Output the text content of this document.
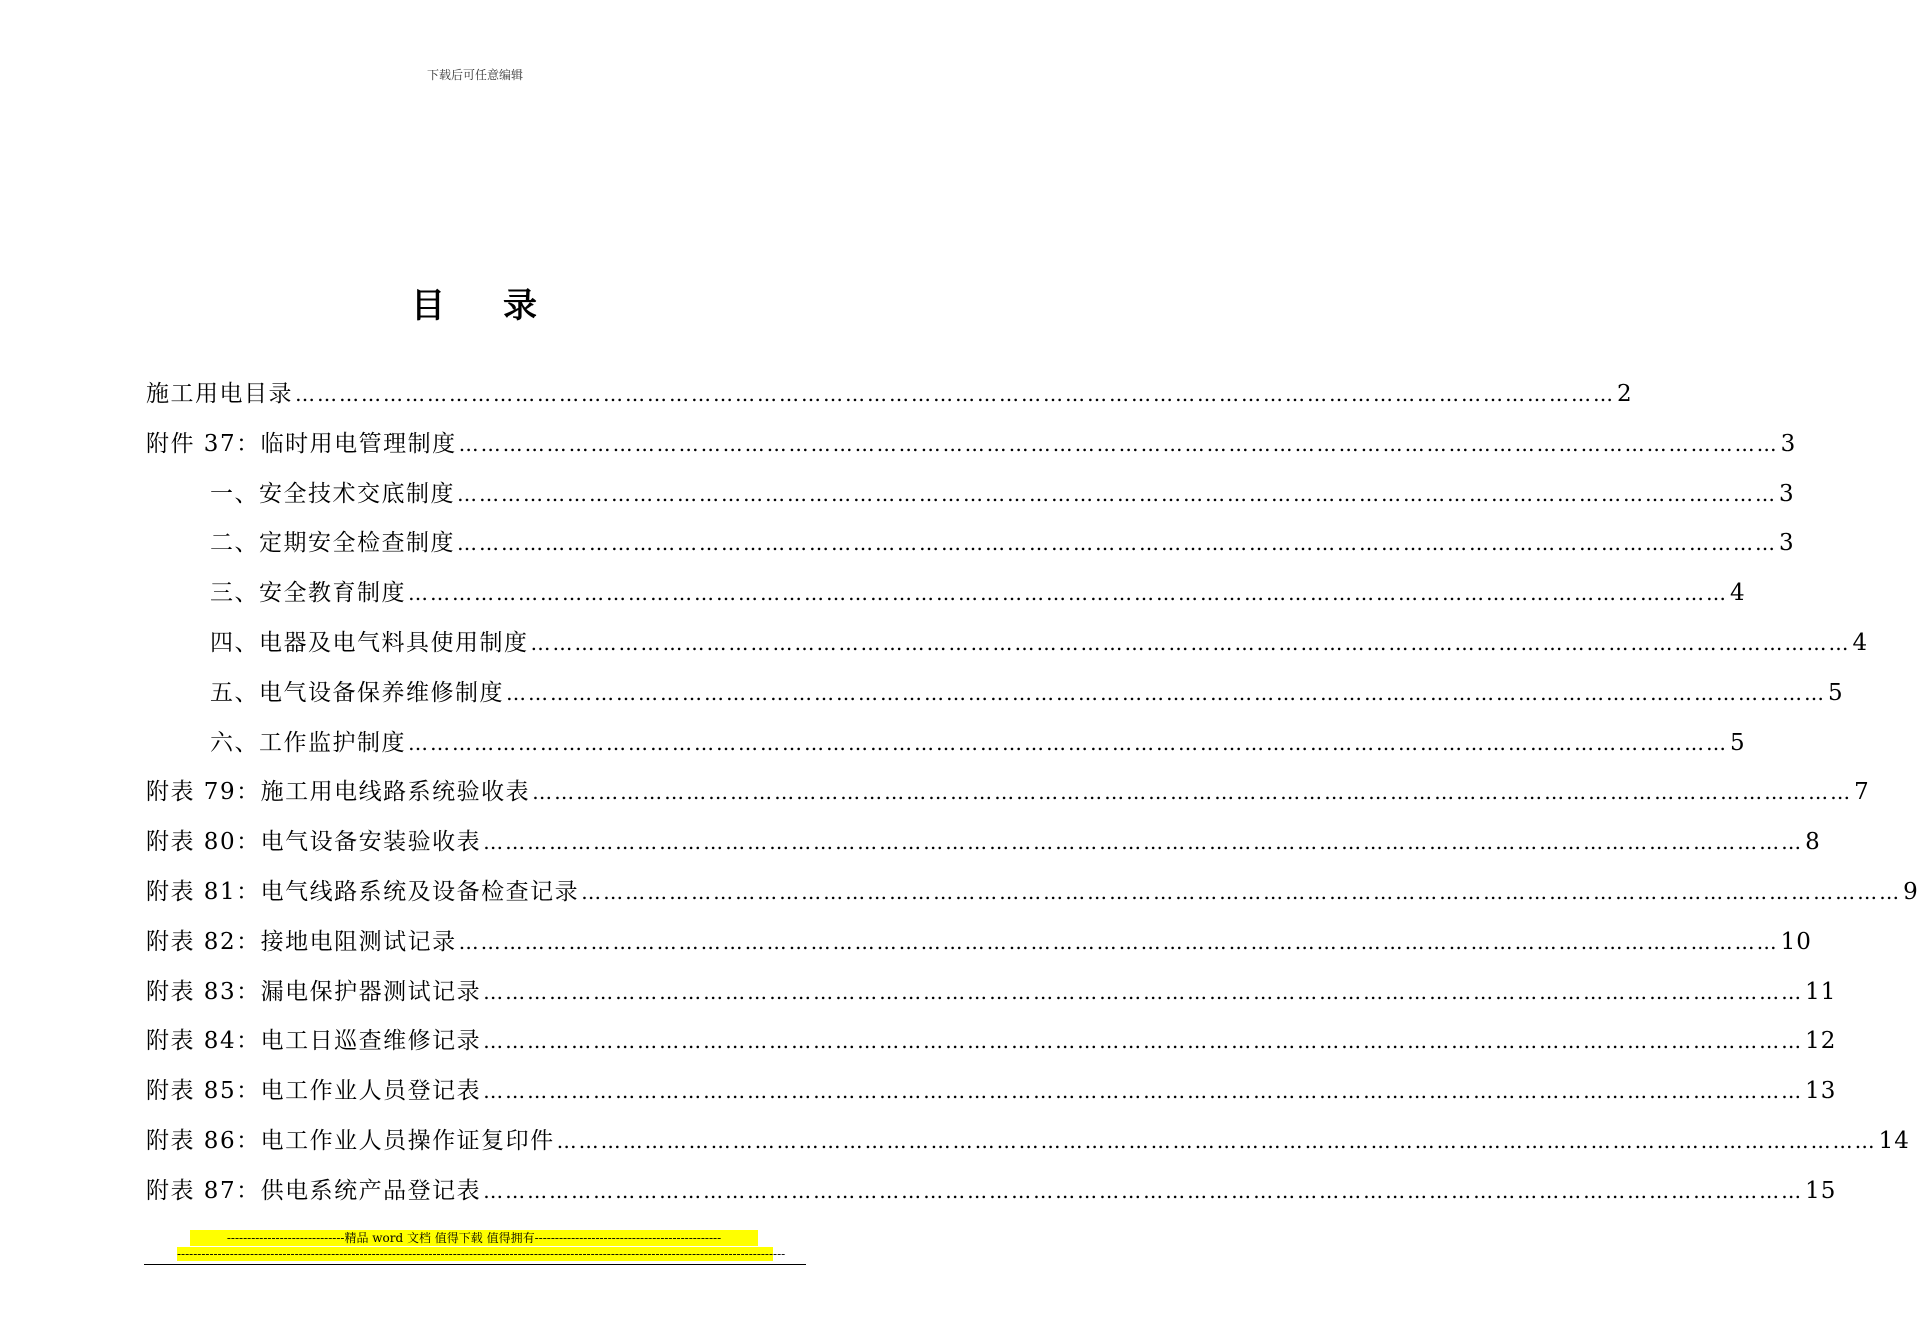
下载后可任意编辑
目 录
施工用电目录 ……………………………………………………………………………………………………………………………………………………………… 2
附件 37：临时用电管理制度 ……………………………………………………………………………………………………………………………………………………………… 3
一、安全技术交底制度 ……………………………………………………………………………………………………………………………………………………………… 3
二、定期安全检查制度 ……………………………………………………………………………………………………………………………………………………………… 3
三、安全教育制度 ……………………………………………………………………………………………………………………………………………………………… 4
四、电器及电气料具使用制度 ……………………………………………………………………………………………………………………………………………………………… 4
五、电气设备保养维修制度 ……………………………………………………………………………………………………………………………………………………………… 5
六、工作监护制度 ……………………………………………………………………………………………………………………………………………………………… 5
附表 79：施工用电线路系统验收表 ……………………………………………………………………………………………………………………………………………………………… 7
附表 80：电气设备安装验收表 ……………………………………………………………………………………………………………………………………………………………… 8
附表 81：电气线路系统及设备检查记录 ……………………………………………………………………………………………………………………………………………………………… 9
附表 82：接地电阻测试记录 ……………………………………………………………………………………………………………………………………………………………… 10
附表 83：漏电保护器测试记录 ……………………………………………………………………………………………………………………………………………………………… 11
附表 84：电工日巡查维修记录 ……………………………………………………………………………………………………………………………………………………………… 12
附表 85：电工作业人员登记表 ……………………………………………………………………………………………………………………………………………………………… 13
附表 86：电工作业人员操作证复印件 ……………………………………………………………………………………………………………………………………………………………… 14
附表 87：供电系统产品登记表 ……………………………………………………………………………………………………………………………………………………………… 15
-----------------------------精品 word 文档 值得下载 值得拥有----------------------------------------------
------------------------------------------------------------------------------------------------------------------------------------------------------
